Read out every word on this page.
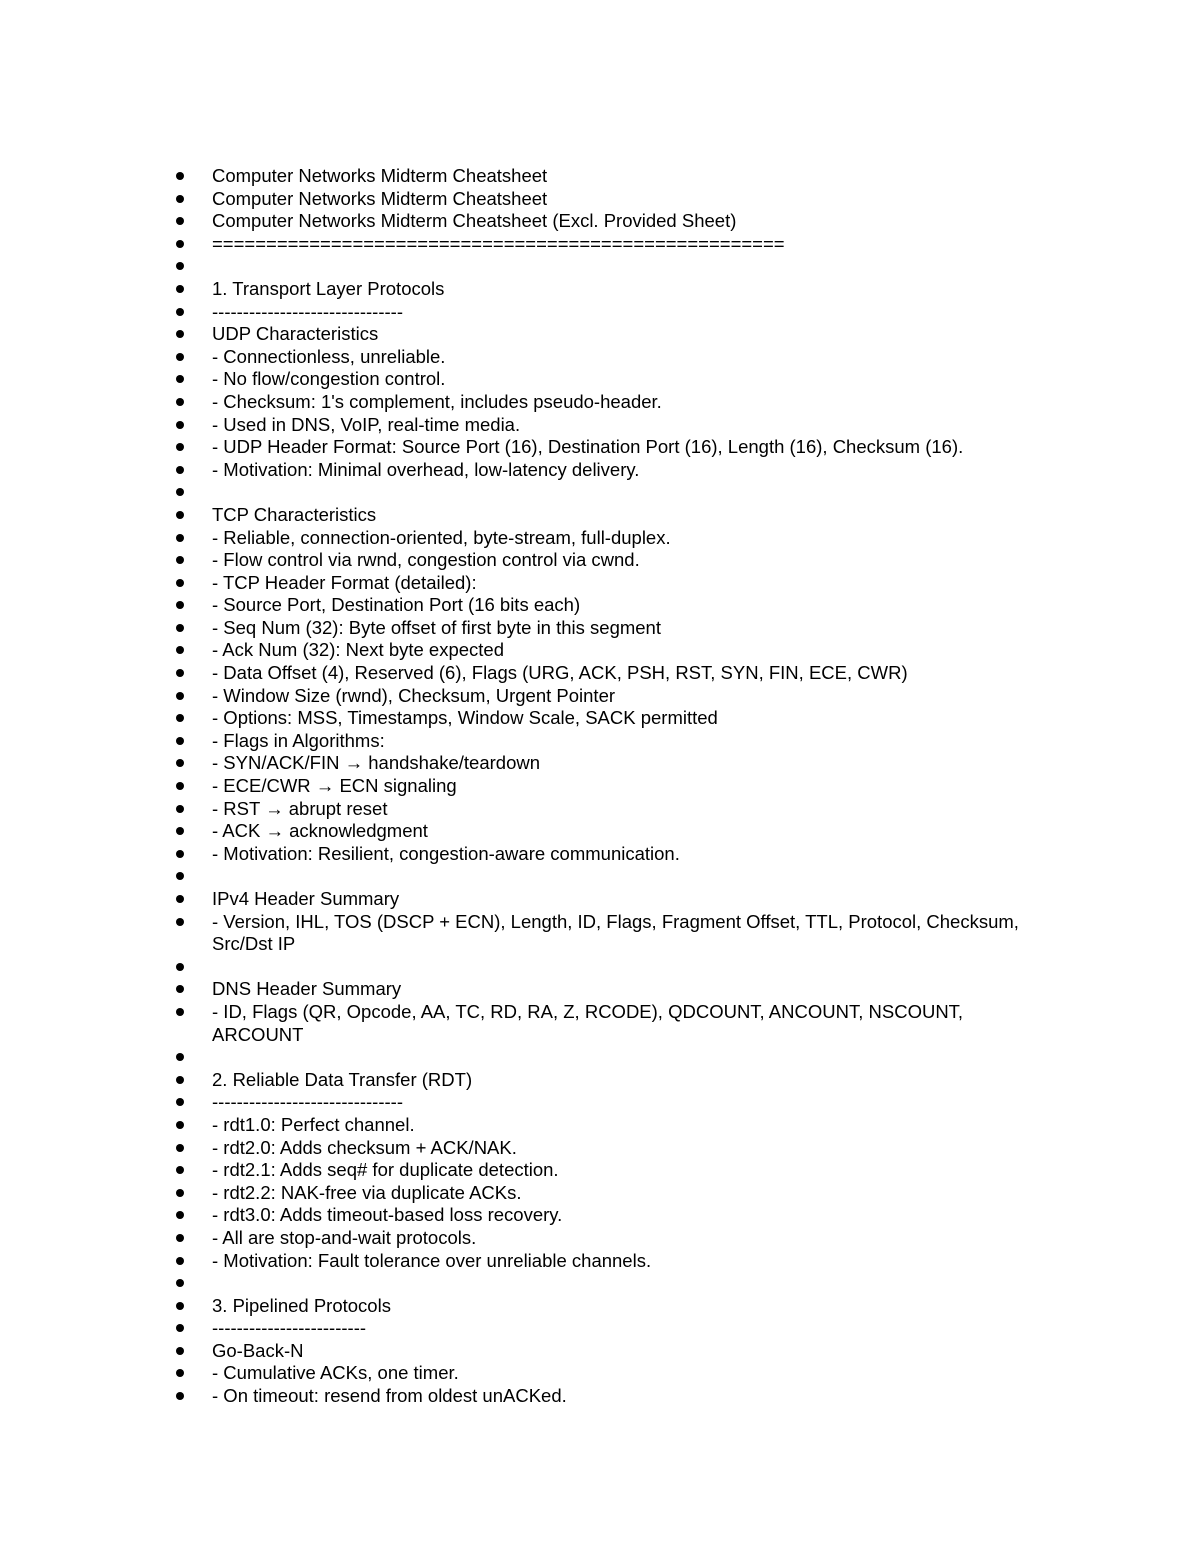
Computer Networks Midterm Cheatsheet
Computer Networks Midterm Cheatsheet
Computer Networks Midterm Cheatsheet (Excl. Provided Sheet)
=====================================================
1. Transport Layer Protocols
-------------------------------
UDP Characteristics
- Connectionless, unreliable.
- No flow/congestion control.
- Checksum: 1's complement, includes pseudo-header.
- Used in DNS, VoIP, real-time media.
- UDP Header Format: Source Port (16), Destination Port (16), Length (16), Checksum (16).
- Motivation: Minimal overhead, low-latency delivery.
TCP Characteristics
- Reliable, connection-oriented, byte-stream, full-duplex.
- Flow control via rwnd, congestion control via cwnd.
- TCP Header Format (detailed):
- Source Port, Destination Port (16 bits each)
- Seq Num (32): Byte offset of first byte in this segment
- Ack Num (32): Next byte expected
- Data Offset (4), Reserved (6), Flags (URG, ACK, PSH, RST, SYN, FIN, ECE, CWR)
- Window Size (rwnd), Checksum, Urgent Pointer
- Options: MSS, Timestamps, Window Scale, SACK permitted
- Flags in Algorithms:
- SYN/ACK/FIN → handshake/teardown
- ECE/CWR → ECN signaling
- RST → abrupt reset
- ACK → acknowledgment
- Motivation: Resilient, congestion-aware communication.
IPv4 Header Summary
- Version, IHL, TOS (DSCP + ECN), Length, ID, Flags, Fragment Offset, TTL, Protocol, Checksum, Src/Dst IP
DNS Header Summary
- ID, Flags (QR, Opcode, AA, TC, RD, RA, Z, RCODE), QDCOUNT, ANCOUNT, NSCOUNT, ARCOUNT
2. Reliable Data Transfer (RDT)
-------------------------------
- rdt1.0: Perfect channel.
- rdt2.0: Adds checksum + ACK/NAK.
- rdt2.1: Adds seq# for duplicate detection.
- rdt2.2: NAK-free via duplicate ACKs.
- rdt3.0: Adds timeout-based loss recovery.
- All are stop-and-wait protocols.
- Motivation: Fault tolerance over unreliable channels.
3. Pipelined Protocols
-------------------------
Go-Back-N
- Cumulative ACKs, one timer.
- On timeout: resend from oldest unACKed.
